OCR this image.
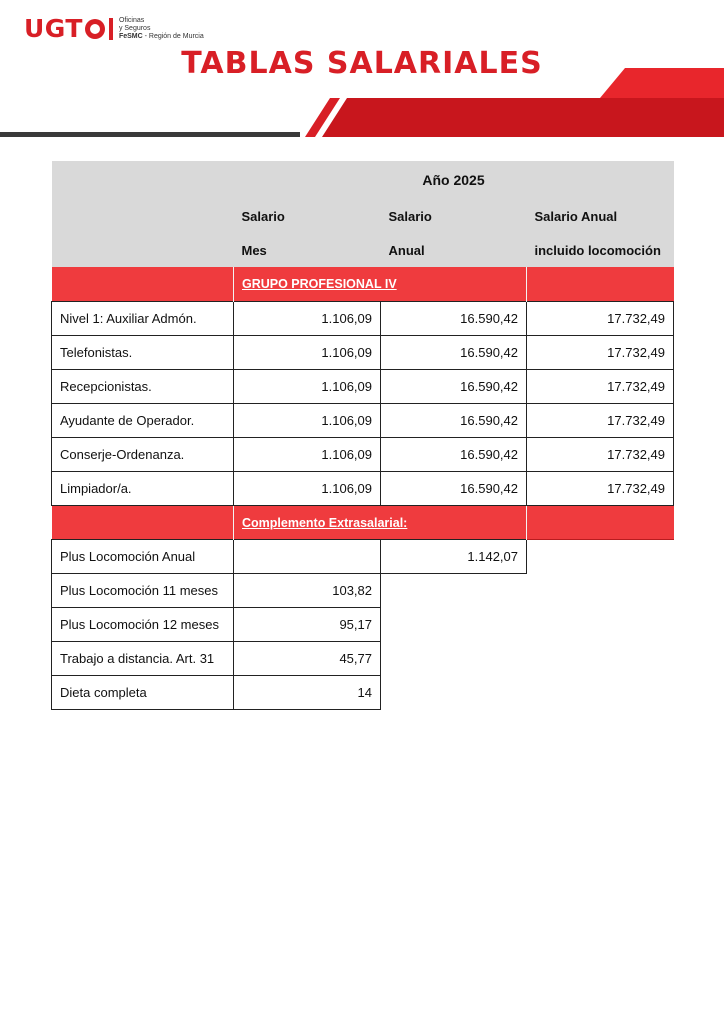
UGT	Oficinas
y Seguros
FeSMC - Región de Murcia
TABLAS SALARIALES
	Año 2025		
	Salario	Salario	Salario Anual
	Mes	Anual	incluido locomoción
	GRUPO PROFESIONAL IV		
Nivel 1: Auxiliar Admón.	1.106,09	16.590,42	17.732,49
Telefonistas.	1.106,09	16.590,42	17.732,49
Recepcionistas.	1.106,09	16.590,42	17.732,49
Ayudante de Operador.	1.106,09	16.590,42	17.732,49
Conserje-Ordenanza.	1.106,09	16.590,42	17.732,49
Limpiador/a.	1.106,09	16.590,42	17.732,49
	Complemento Extrasalarial:		
Plus Locomoción Anual		1.142,07	
Plus Locomoción 11 meses	103,82		
Plus Locomoción 12 meses	95,17		
Trabajo a distancia. Art. 31	45,77		
Dieta completa	14		
